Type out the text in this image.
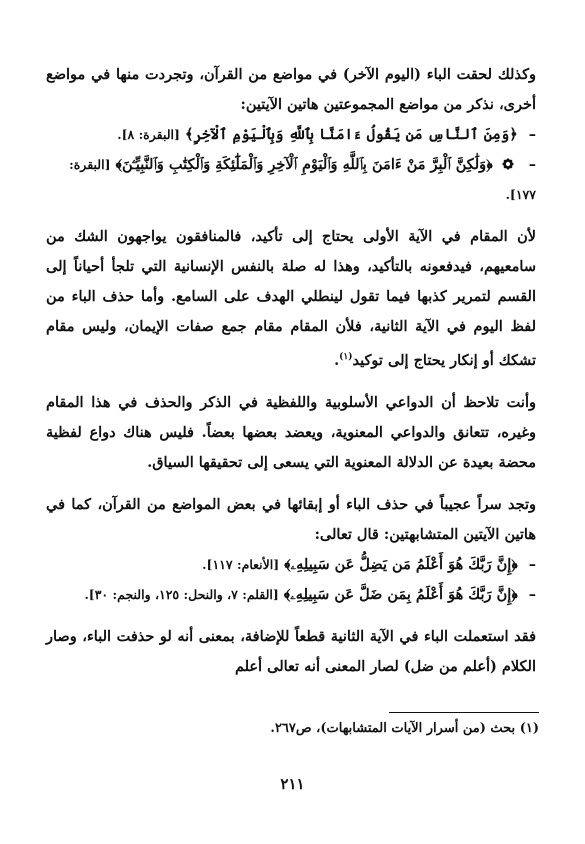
وكذلك لحقت الباء (اليوم الآخر) في مواضع من القرآن، وتجردت منها في مواضع أخرى، نذكر من مواضع المجموعتين هاتين الآيتين:

– ﴿وَمِنَ ٱلنَّاسِ مَن يَقُولُ ءَامَنَّا بِٱللَّهِ وَبِٱلْيَوْمِ ٱلْآخِرِ﴾ [البقرة: ٨].

–  ﴿وَلَٰكِنَّ ٱلْبِرَّ مَنْ ءَامَنَ بِٱللَّهِ وَٱلْيَوْمِ ٱلْآخِرِ وَٱلْمَلَٰٓئِكَةِ وَٱلْكِتَٰبِ وَٱلنَّبِيِّـۧنَ﴾ [البقرة: ١٧٧].

لأن المقام في الآية الأولى يحتاج إلى تأكيد، فالمنافقون يواجهون الشك من سامعيهم، فيدفعونه بالتأكيد، وهذا له صلة بالنفس الإنسانية التي تلجأ أحياناً إلى القسم لتمرير كذبها فيما تقول لينطلي الهدف على السامع. وأما حذف الباء من لفظ اليوم في الآية الثانية، فلأن المقام مقام جمع صفات الإيمان، وليس مقام تشكك أو إنكار يحتاج إلى توكيد$^{(١)}$.

وأنت تلاحظ أن الدواعي الأسلوبية واللفظية في الذكر والحذف في هذا المقام وغيره، تتعانق والدواعي المعنوية، ويعضد بعضها بعضاً. فليس هناك دواع لفظية محضة بعيدة عن الدلالة المعنوية التي يسعى إلى تحقيقها السياق.

وتجد سراً عجيباً في حذف الباء أو إبقائها في بعض المواضع من القرآن، كما في هاتين الآيتين المتشابهتين: قال تعالى:

– ﴿إِنَّ رَبَّكَ هُوَ أَعْلَمُ مَن يَضِلُّ عَن سَبِيلِهِۦ﴾ [الأنعام: ١١٧].

– ﴿إِنَّ رَبَّكَ هُوَ أَعْلَمُ بِمَن ضَلَّ عَن سَبِيلِهِۦ﴾ [القلم: ٧، والنحل: ١٢٥، والنجم: ٣٠].

فقد استعملت الباء في الآية الثانية قطعاً للإضافة، بمعنى أنه لو حذفت الباء، وصار الكلام (أعلم من ضل) لصار المعنى أنه تعالى أعلم

(١) بحث (من أسرار الآيات المتشابهات)، ص٢٦٧.
٢١١
